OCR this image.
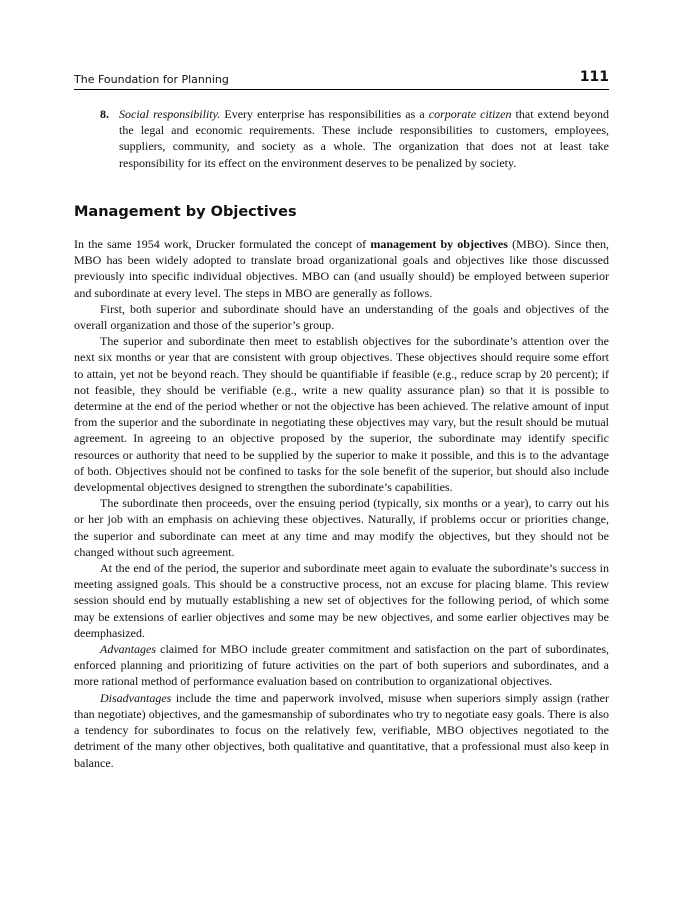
The Foundation for Planning	111
8. Social responsibility. Every enterprise has responsibilities as a corporate citizen that extend beyond the legal and economic requirements. These include responsibilities to customers, employees, suppliers, community, and society as a whole. The organization that does not at least take responsibility for its effect on the environment deserves to be penalized by society.
Management by Objectives

In the same 1954 work, Drucker formulated the concept of management by objectives (MBO). Since then, MBO has been widely adopted to translate broad organizational goals and objectives like those discussed previously into specific individual objectives. MBO can (and usually should) be employed between superior and subordinate at every level. The steps in MBO are generally as follows.

First, both superior and subordinate should have an understanding of the goals and objectives of the overall organization and those of the superior’s group.

The superior and subordinate then meet to establish objectives for the subordinate’s attention over the next six months or year that are consistent with group objectives. These objectives should require some effort to attain, yet not be beyond reach. They should be quantifiable if feasible (e.g., reduce scrap by 20 percent); if not feasible, they should be verifiable (e.g., write a new quality assurance plan) so that it is possible to determine at the end of the period whether or not the objective has been achieved. The relative amount of input from the superior and the subordinate in negotiating these objectives may vary, but the result should be mutual agreement. In agreeing to an objective proposed by the superior, the subordinate may identify specific resources or authority that need to be supplied by the superior to make it possible, and this is to the advantage of both. Objectives should not be confined to tasks for the sole benefit of the superior, but should also include developmental objectives designed to strengthen the subordinate’s capabilities.

The subordinate then proceeds, over the ensuing period (typically, six months or a year), to carry out his or her job with an emphasis on achieving these objectives. Naturally, if problems occur or priorities change, the superior and subordinate can meet at any time and may modify the objectives, but they should not be changed without such agreement.

At the end of the period, the superior and subordinate meet again to evaluate the subordinate’s success in meeting assigned goals. This should be a constructive process, not an excuse for placing blame. This review session should end by mutually establishing a new set of objectives for the following period, of which some may be extensions of earlier objectives and some may be new objectives, and some earlier objectives may be deemphasized.

Advantages claimed for MBO include greater commitment and satisfaction on the part of subordinates, enforced planning and prioritizing of future activities on the part of both superiors and subordinates, and a more rational method of performance evaluation based on contribution to organizational objectives.

Disadvantages include the time and paperwork involved, misuse when superiors simply assign (rather than negotiate) objectives, and the gamesmanship of subordinates who try to negotiate easy goals. There is also a tendency for subordinates to focus on the relatively few, verifiable, MBO objectives negotiated to the detriment of the many other objectives, both qualitative and quantitative, that a professional must also keep in balance.
